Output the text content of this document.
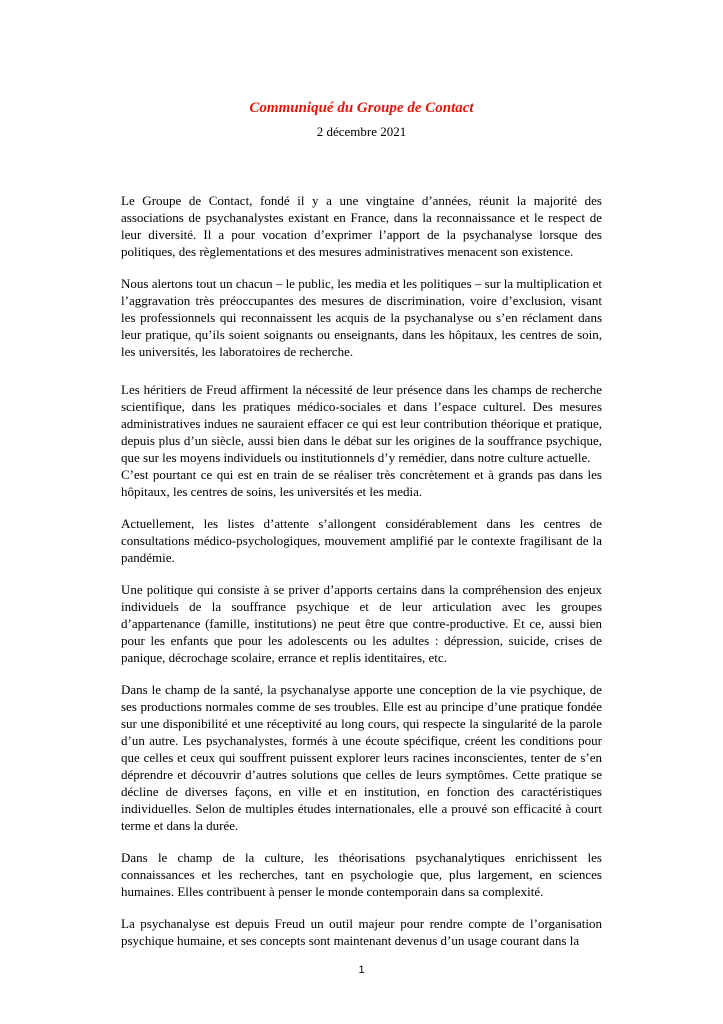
Communiqué du Groupe de Contact

2 décembre 2021

Le Groupe de Contact, fondé il y a une vingtaine d’années, réunit la majorité des associations de psychanalystes existant en France, dans la reconnaissance et le respect de leur diversité. Il a pour vocation d’exprimer l’apport de la psychanalyse lorsque des politiques, des règlementations et des mesures administratives menacent son existence.

Nous alertons tout un chacun – le public, les media et les politiques – sur la multiplication et l’aggravation très préoccupantes des mesures de discrimination, voire d’exclusion, visant les professionnels qui reconnaissent les acquis de la psychanalyse ou s’en réclament dans leur pratique, qu’ils soient soignants ou enseignants, dans les hôpitaux, les centres de soin, les universités, les laboratoires de recherche.

Les héritiers de Freud affirment la nécessité de leur présence dans les champs de recherche scientifique, dans les pratiques médico-sociales et dans l’espace culturel. Des mesures administratives indues ne sauraient effacer ce qui est leur contribution théorique et pratique, depuis plus d’un siècle, aussi bien dans le débat sur les origines de la souffrance psychique, que sur les moyens individuels ou institutionnels d’y remédier, dans notre culture actuelle.
C’est pourtant ce qui est en train de se réaliser très concrètement et à grands pas dans les hôpitaux, les centres de soins, les universités et les media.

Actuellement, les listes d’attente s’allongent considérablement dans les centres de consultations médico-psychologiques, mouvement amplifié par le contexte fragilisant de la pandémie.

Une politique qui consiste à se priver d’apports certains dans la compréhension des enjeux individuels de la souffrance psychique et de leur articulation avec les groupes d’appartenance (famille, institutions) ne peut être que contre-productive. Et ce, aussi bien pour les enfants que pour les adolescents ou les adultes : dépression, suicide, crises de panique, décrochage scolaire, errance et replis identitaires, etc.

Dans le champ de la santé, la psychanalyse apporte une conception de la vie psychique, de ses productions normales comme de ses troubles. Elle est au principe d’une pratique fondée sur une disponibilité et une réceptivité au long cours, qui respecte la singularité de la parole d’un autre. Les psychanalystes, formés à une écoute spécifique, créent les conditions pour que celles et ceux qui souffrent puissent explorer leurs racines inconscientes, tenter de s’en déprendre et découvrir d’autres solutions que celles de leurs symptômes. Cette pratique se décline de diverses façons, en ville et en institution, en fonction des caractéristiques individuelles. Selon de multiples études internationales, elle a prouvé son efficacité à court terme et dans la durée.

Dans le champ de la culture, les théorisations psychanalytiques enrichissent les connaissances et les recherches, tant en psychologie que, plus largement, en sciences humaines. Elles contribuent à penser le monde contemporain dans sa complexité.

La psychanalyse est depuis Freud un outil majeur pour rendre compte de l’organisation psychique humaine, et ses concepts sont maintenant devenus d’un usage courant dans la

1
